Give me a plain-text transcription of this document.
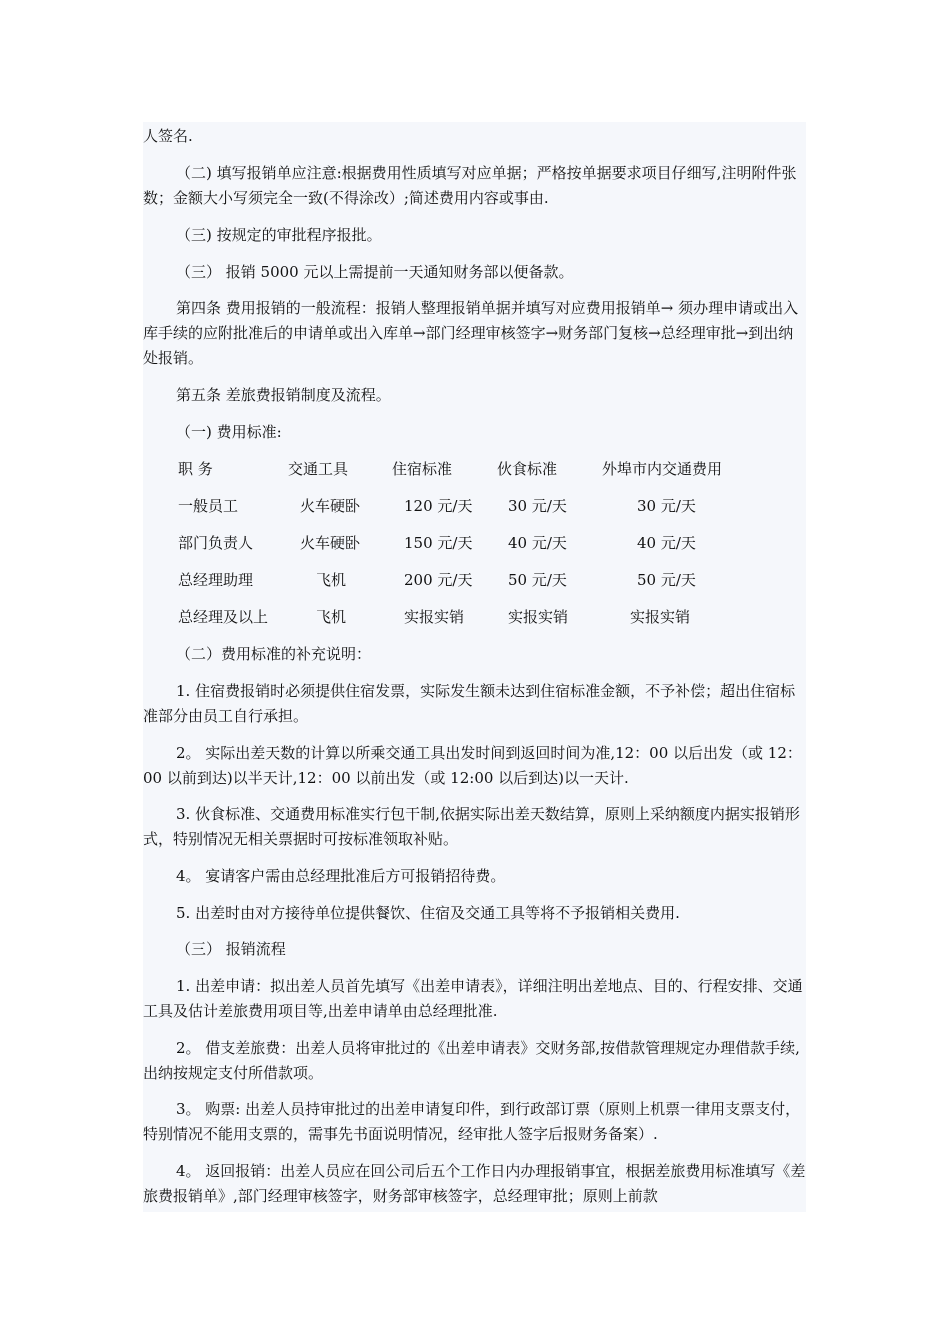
人签名.
（二) 填写报销单应注意:根据费用性质填写对应单据；严格按单据要求项目仔细写,注明附件张数；金额大小写须完全一致(不得涂改）;简述费用内容或事由.
（三) 按规定的审批程序报批。
（三） 报销 5000 元以上需提前一天通知财务部以便备款。
第四条 费用报销的一般流程：报销人整理报销单据并填写对应费用报销单→ 须办理申请或出入库手续的应附批准后的申请单或出入库单→部门经理审核签字→财务部门复核→总经理审批→到出纳处报销。
第五条 差旅费报销制度及流程。
（一) 费用标准:
职 务	交通工具	住宿标准	伙食标准	外埠市内交通费用
一般员工	火车硬卧	120 元/天 30 元/天	30 元/天
部门负责人	火车硬卧	150 元/天 40 元/天	40 元/天
总经理助理	飞机	200 元/天 50 元/天	50 元/天
总经理及以上	飞机	实报实销	实报实销	实报实销
（二）费用标准的补充说明：
1. 住宿费报销时必须提供住宿发票，实际发生额未达到住宿标准金额，不予补偿；超出住宿标准部分由员工自行承担。
2。 实际出差天数的计算以所乘交通工具出发时间到返回时间为准,12：00 以后出发（或 12：00 以前到达)以半天计,12：00 以前出发（或 12:00 以后到达)以一天计.
3. 伙食标准、交通费用标准实行包干制,依据实际出差天数结算，原则上采纳额度内据实报销形式，特别情况无相关票据时可按标准领取补贴。
4。 宴请客户需由总经理批准后方可报销招待费。
5. 出差时由对方接待单位提供餐饮、住宿及交通工具等将不予报销相关费用.
（三） 报销流程
1. 出差申请：拟出差人员首先填写《出差申请表》，详细注明出差地点、目的、行程安排、交通工具及估计差旅费用项目等,出差申请单由总经理批准.
2。 借支差旅费：出差人员将审批过的《出差申请表》交财务部,按借款管理规定办理借款手续,出纳按规定支付所借款项。
3。 购票: 出差人员持审批过的出差申请复印件，到行政部订票（原则上机票一律用支票支付，特别情况不能用支票的，需事先书面说明情况，经审批人签字后报财务备案）.
4。 返回报销：出差人员应在回公司后五个工作日内办理报销事宜，根据差旅费用标准填写《差旅费报销单》,部门经理审核签字，财务部审核签字，总经理审批；原则上前款
